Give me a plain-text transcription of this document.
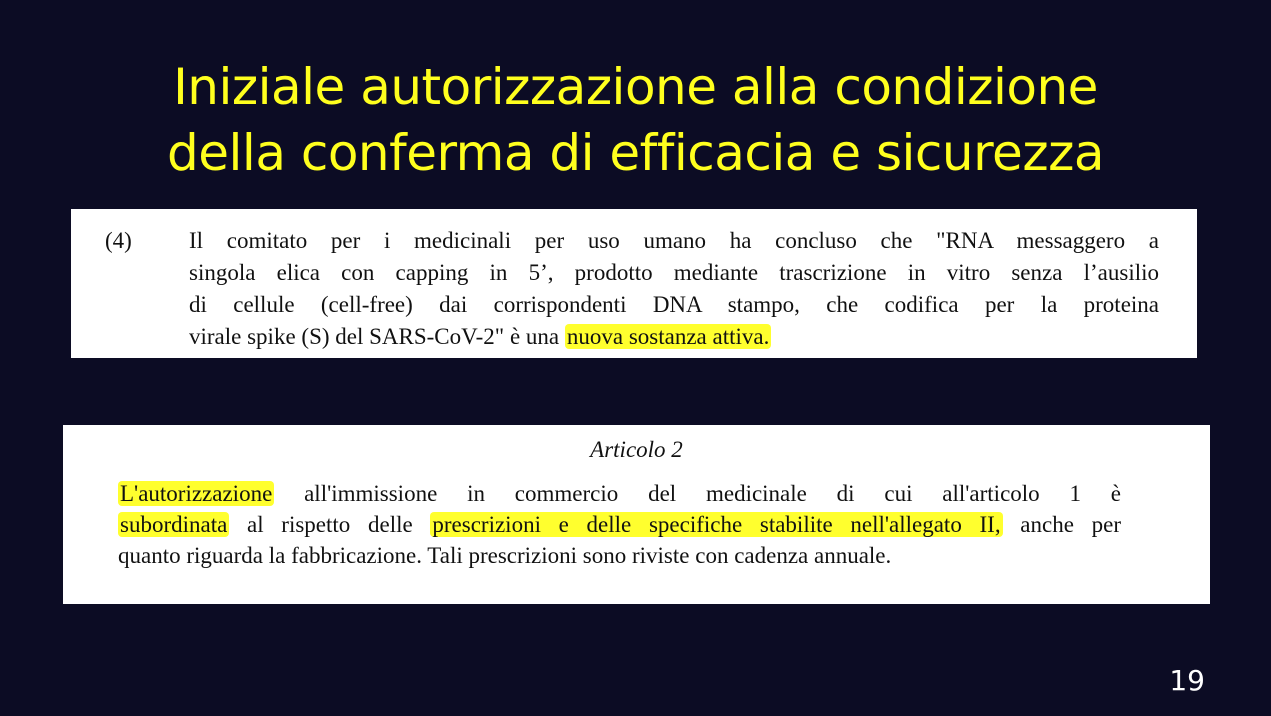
Iniziale autorizzazione alla condizione
della conferma di efficacia e sicurezza
(4) Il comitato per i medicinali per uso umano ha concluso che "RNA messaggero a
singola elica con capping in 5’, prodotto mediante trascrizione in vitro senza l’ausilio
di cellule (cell-free) dai corrispondenti DNA stampo, che codifica per la proteina
virale spike (S) del SARS-CoV-2" è una nuova sostanza attiva.
Articolo 2
L'autorizzazione all'immissione in commercio del medicinale di cui all'articolo 1 è
subordinata al rispetto delle prescrizioni e delle specifiche stabilite nell'allegato II, anche per
quanto riguarda la fabbricazione. Tali prescrizioni sono riviste con cadenza annuale.
19
